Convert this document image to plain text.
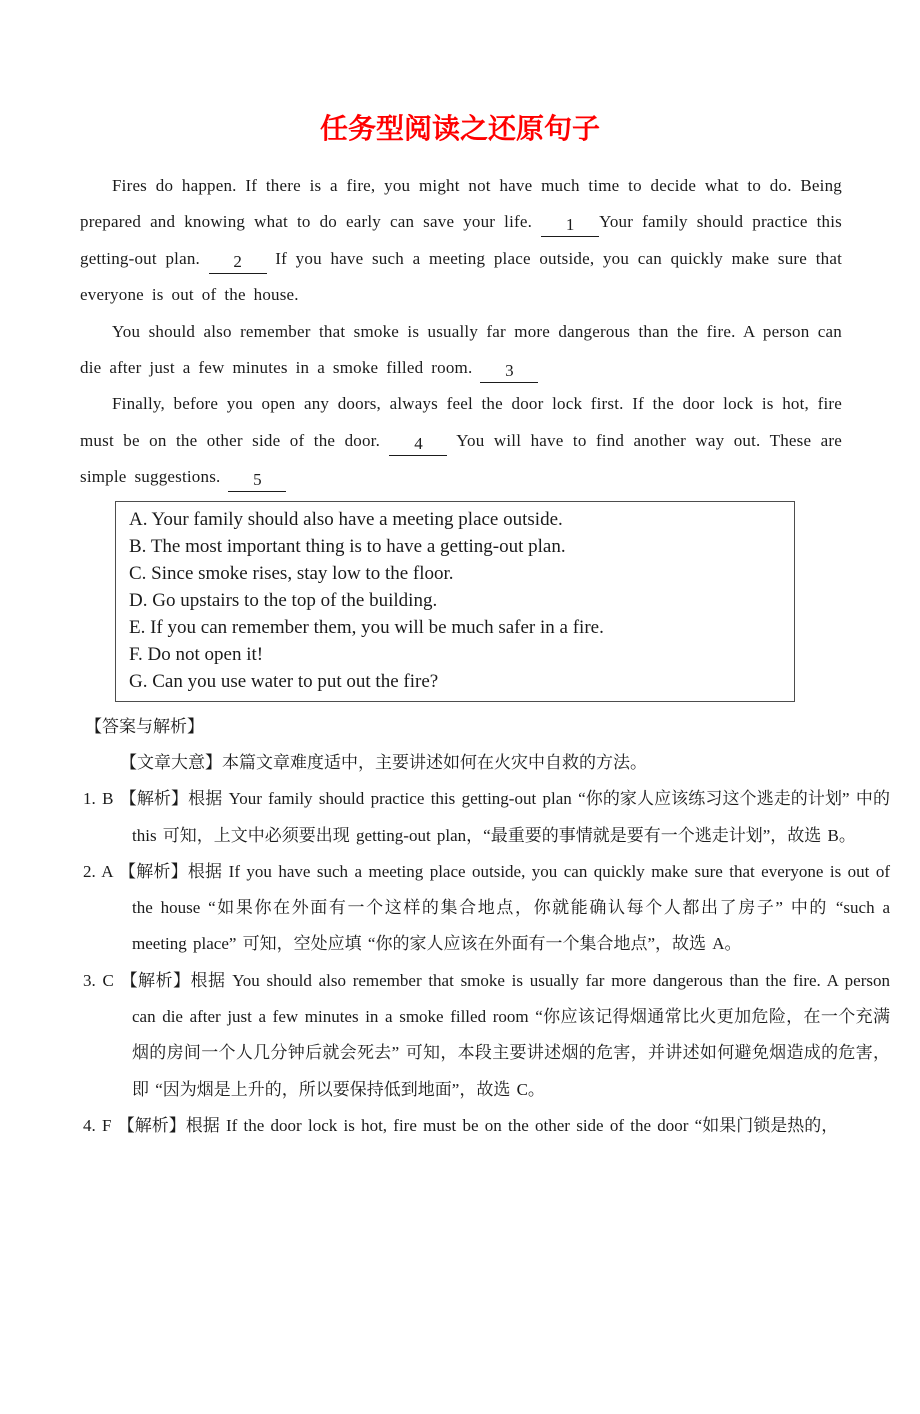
任务型阅读之还原句子

Fires do happen. If there is a fire, you might not have much time to decide what to do. Being prepared and knowing what to do early can save your life. 1 Your family should practice this getting-out plan. 2 If you have such a meeting place outside, you can quickly make sure that everyone is out of the house.

You should also remember that smoke is usually far more dangerous than the fire. A person can die after just a few minutes in a smoke filled room. 3

Finally, before you open any doors, always feel the door lock first. If the door lock is hot, fire must be on the other side of the door. 4 You will have to find another way out. These are simple suggestions. 5

A. Your family should also have a meeting place outside.

B. The most important thing is to have a getting-out plan.

C. Since smoke rises, stay low to the floor.

D. Go upstairs to the top of the building.

E. If you can remember them, you will be much safer in a fire.

F. Do not open it!

G. Can you use water to put out the fire?

【答案与解析】

【文章大意】本篇文章难度适中，主要讲述如何在火灾中自救的方法。

1. B 【解析】根据 Your family should practice this getting-out plan “你的家人应该练习这个逃走的计划” 中的 this 可知，上文中必须要出现 getting-out plan，“最重要的事情就是要有一个逃走计划”，故选 B。
2. A 【解析】根据 If you have such a meeting place outside, you can quickly make sure that everyone is out of the house “如果你在外面有一个这样的集合地点，你就能确认每个人都出了房子” 中的 “such a meeting place” 可知，空处应填 “你的家人应该在外面有一个集合地点”，故选 A。
3. C 【解析】根据 You should also remember that smoke is usually far more dangerous than the fire. A person can die after just a few minutes in a smoke filled room “你应该记得烟通常比火更加危险，在一个充满烟的房间一个人几分钟后就会死去” 可知，本段主要讲述烟的危害，并讲述如何避免烟造成的危害，即 “因为烟是上升的，所以要保持低到地面”，故选 C。
4. F 【解析】根据 If the door lock is hot, fire must be on the other side of the door “如果门锁是热的，
